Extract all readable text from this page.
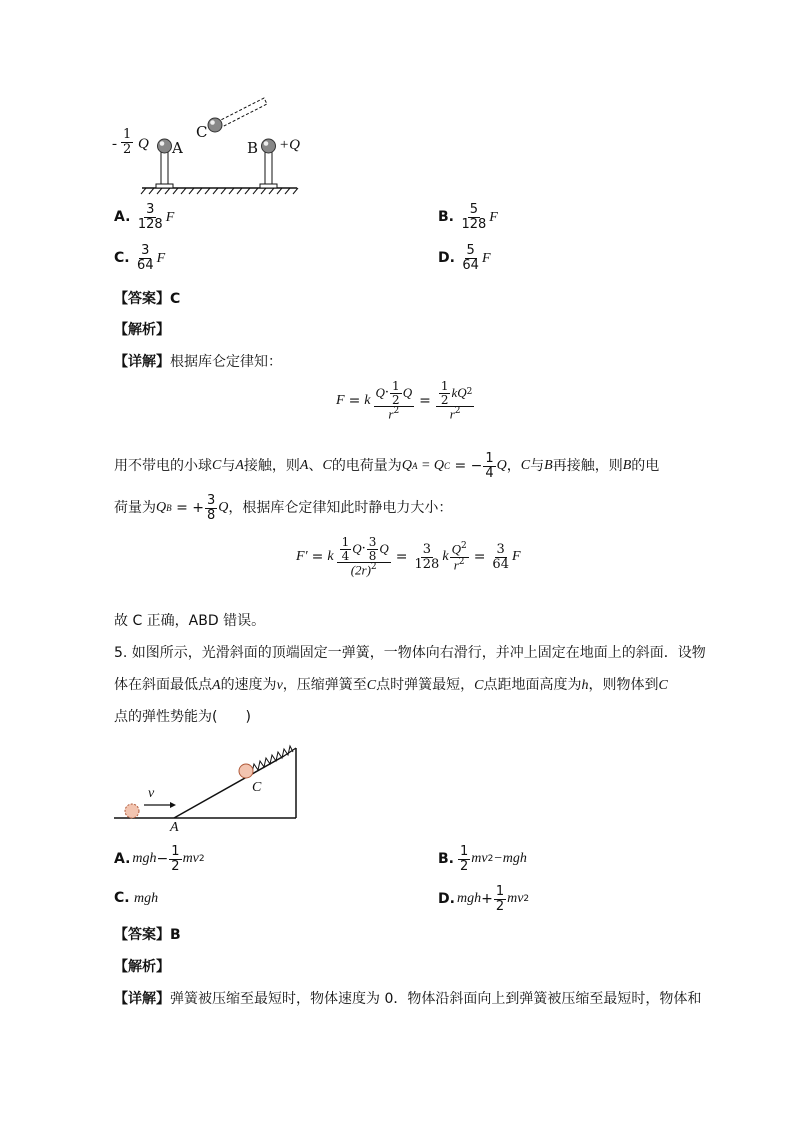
- $\frac{1}{2}$ Q A	B +Q
C
A. $\frac{3}{128}$ F	B. $\frac{5}{128}$ F
C. $\frac{3}{64}$ F	D. $\frac{5}{64}$ F
【答案】C
【解析】
【详解】根据库仑定律知：
F = k $\frac{Q \cdot \frac{1}{2} Q}{r^2} = \frac{\frac{1}{2} kQ 2}{r^2}$
用不带电的小球 C 与 A 接触，则 A 、 C 的电荷量为 Q A = Q C = − $\frac{1}{4}$ Q ， C 与 B 再接触，则 B 的电
荷量为 Q B = + $\frac{3}{8}$ Q ，根据库仑定律知此时静电力大小：
F′ = k $\frac{\frac{1}{4} Q \cdot \frac{3}{8} Q}{(2r)^2} = \frac{3}{128}$ k $\frac{Q^2}{r^2} = \frac{3}{64}$ F
故 C 正确，ABD 错误。
5. 如图所示，光滑斜面的顶端固定一弹簧，一物体向右滑行，并冲上固定在地面上的斜面．设物
体在斜面最低点A的速度为v，压缩弹簧至C点时弹簧最短，C点距地面高度为h，则物体到C
点的弹性势能为(　　)
v
A
C
A. mgh − $\frac{1}{2}$ mv 2	B. $\frac{1}{2}$ mv 2 −mgh
C. mgh	D. mgh + $\frac{1}{2}$ mv 2
【答案】B
【解析】
【详解】弹簧被压缩至最短时，物体速度为 0．物体沿斜面向上到弹簧被压缩至最短时，物体和
